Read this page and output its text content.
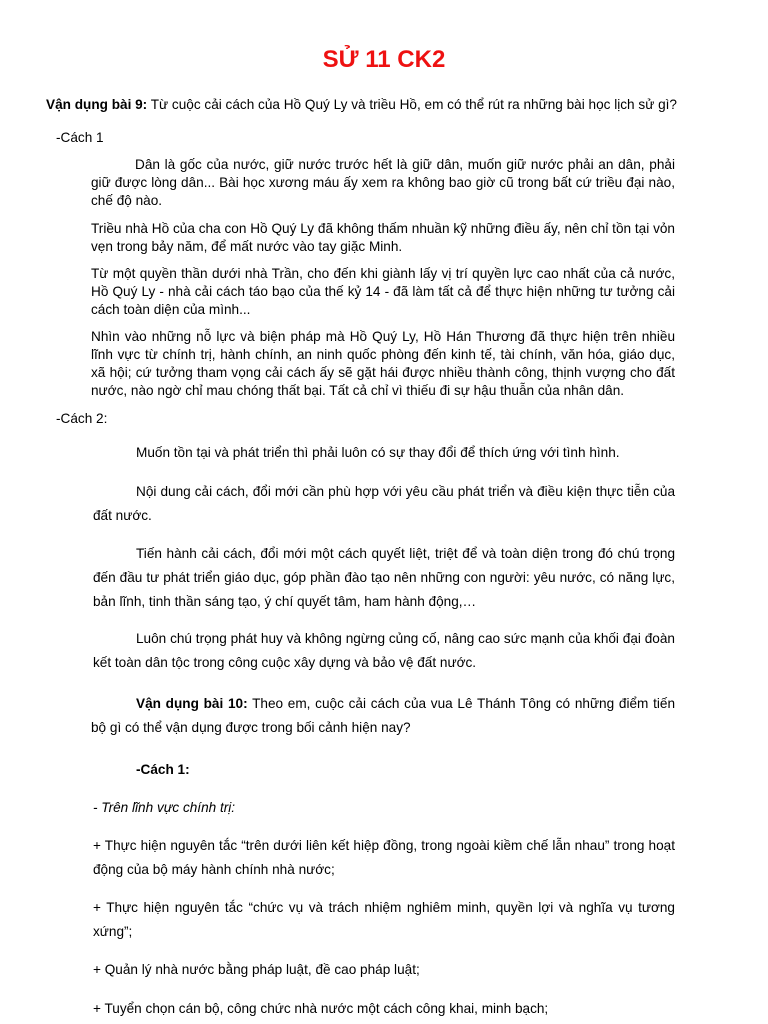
SỬ 11 CK2

Vận dụng bài 9: Từ cuộc cải cách của Hồ Quý Ly và triều Hồ, em có thể rút ra những bài học lịch sử gì?

-Cách 1

Dân là gốc của nước, giữ nước trước hết là giữ dân, muốn giữ nước phải an dân, phải giữ được lòng dân... Bài học xương máu ấy xem ra không bao giờ cũ trong bất cứ triều đại nào, chế độ nào.

Triều nhà Hồ của cha con Hồ Quý Ly đã không thấm nhuần kỹ những điều ấy, nên chỉ tồn tại vỏn vẹn trong bảy năm, để mất nước vào tay giặc Minh.

Từ một quyền thần dưới nhà Trần, cho đến khi giành lấy vị trí quyền lực cao nhất của cả nước, Hồ Quý Ly - nhà cải cách táo bạo của thế kỷ 14 - đã làm tất cả để thực hiện những tư tưởng cải cách toàn diện của mình...

Nhìn vào những nỗ lực và biện pháp mà Hồ Quý Ly, Hồ Hán Thương đã thực hiện trên nhiều lĩnh vực từ chính trị, hành chính, an ninh quốc phòng đến kinh tế, tài chính, văn hóa, giáo dục, xã hội; cứ tưởng tham vọng cải cách ấy sẽ gặt hái được nhiều thành công, thịnh vượng cho đất nước, nào ngờ chỉ mau chóng thất bại. Tất cả chỉ vì thiếu đi sự hậu thuẫn của nhân dân.

-Cách 2:

Muốn tồn tại và phát triển thì phải luôn có sự thay đổi để thích ứng với tình hình.

Nội dung cải cách, đổi mới cần phù hợp với yêu cầu phát triển và điều kiện thực tiễn của đất nước.

Tiến hành cải cách, đổi mới một cách quyết liệt, triệt để và toàn diện trong đó chú trọng đến đầu tư phát triển giáo dục, góp phần đào tạo nên những con người: yêu nước, có năng lực, bản lĩnh, tinh thần sáng tạo, ý chí quyết tâm, ham hành động,…

Luôn chú trọng phát huy và không ngừng củng cố, nâng cao sức mạnh của khối đại đoàn kết toàn dân tộc trong công cuộc xây dựng và bảo vệ đất nước.

Vận dụng bài 10: Theo em, cuộc cải cách của vua Lê Thánh Tông có những điểm tiến bộ gì có thể vận dụng được trong bối cảnh hiện nay?

-Cách 1:

- Trên lĩnh vực chính trị:

+ Thực hiện nguyên tắc “trên dưới liên kết hiệp đồng, trong ngoài kiềm chế lẫn nhau” trong hoạt động của bộ máy hành chính nhà nước;

+ Thực hiện nguyên tắc “chức vụ và trách nhiệm nghiêm minh, quyền lợi và nghĩa vụ tương xứng”;

+ Quản lý nhà nước bằng pháp luật, đề cao pháp luật;

+ Tuyển chọn cán bộ, công chức nhà nước một cách công khai, minh bạch;
